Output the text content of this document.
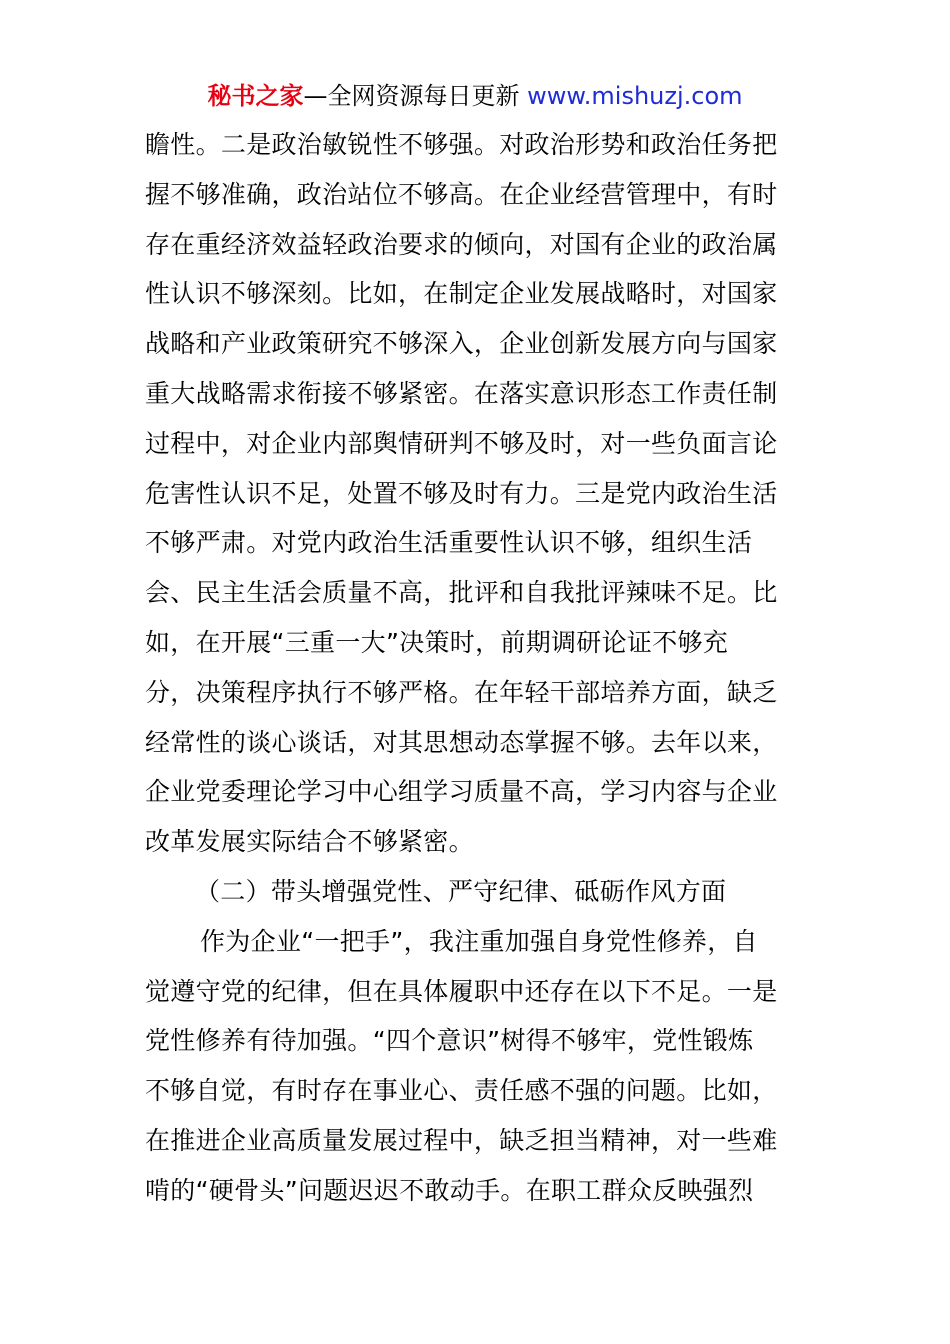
秘书之家—全网资源每日更新 www.mishuzj.com
瞻性。二是政治敏锐性不够强。对政治形势和政治任务把
握不够准确，政治站位不够高。在企业经营管理中，有时
存在重经济效益轻政治要求的倾向，对国有企业的政治属
性认识不够深刻。比如，在制定企业发展战略时，对国家
战略和产业政策研究不够深入，企业创新发展方向与国家
重大战略需求衔接不够紧密。在落实意识形态工作责任制
过程中，对企业内部舆情研判不够及时，对一些负面言论
危害性认识不足，处置不够及时有力。三是党内政治生活
不够严肃。对党内政治生活重要性认识不够，组织生活
会、民主生活会质量不高，批评和自我批评辣味不足。比
如，在开展“三重一大”决策时，前期调研论证不够充
分，决策程序执行不够严格。在年轻干部培养方面，缺乏
经常性的谈心谈话，对其思想动态掌握不够。去年以来，
企业党委理论学习中心组学习质量不高，学习内容与企业
改革发展实际结合不够紧密。
（二）带头增强党性、严守纪律、砥砺作风方面
作为企业“一把手”，我注重加强自身党性修养，自
觉遵守党的纪律，但在具体履职中还存在以下不足。一是
党性修养有待加强。“四个意识”树得不够牢，党性锻炼
不够自觉，有时存在事业心、责任感不强的问题。比如，
在推进企业高质量发展过程中，缺乏担当精神，对一些难
啃的“硬骨头”问题迟迟不敢动手。在职工群众反映强烈
